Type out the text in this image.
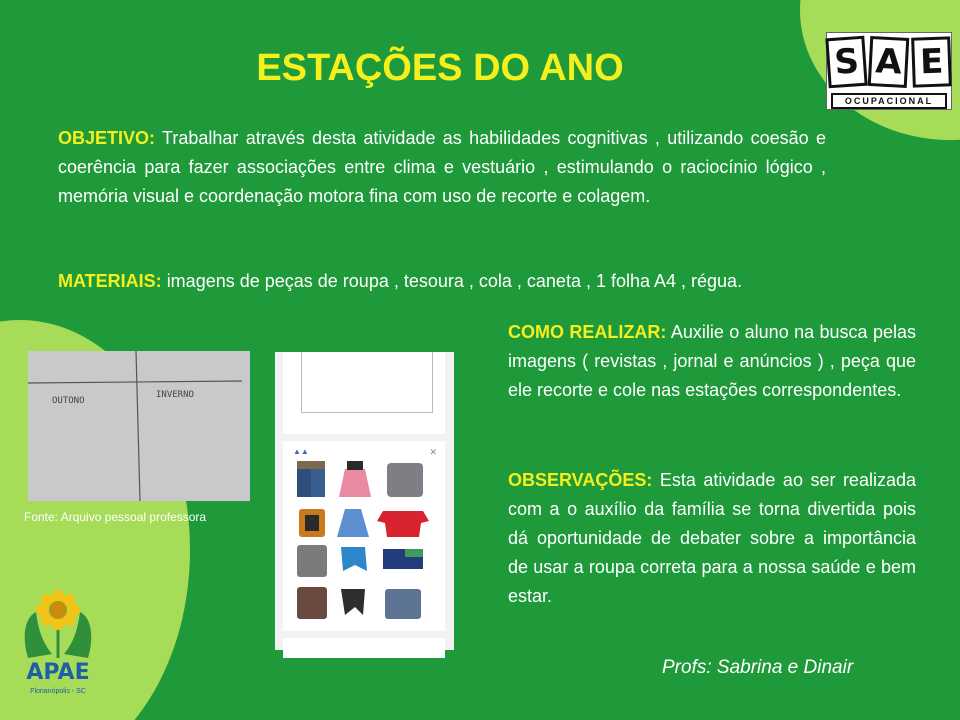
ESTAÇÕES DO ANO	S A E
OCUPACIONAL
OBJETIVO: Trabalhar através desta atividade as habilidades cognitivas , utilizando coesão e coerência para fazer associações entre clima e vestuário , estimulando o raciocínio lógico , memória visual e coordenação motora fina com uso de recorte e colagem.
MATERIAIS: imagens de peças de roupa , tesoura , cola , caneta , 1 folha A4 , régua.
COMO REALIZAR: Auxilie o aluno na busca pelas imagens ( revistas , jornal e anúncios ) , peça que ele recorte e cole nas estações correspondentes.
OBSERVAÇÕES: Esta atividade ao ser realizada com a o auxílio da família se torna divertida pois dá oportunidade de debater sobre a importância de usar a roupa correta para a nossa saúde e bem estar.
OUTONO
INVERNO
Fonte: Arquivo pessoal professora
▲▲	✕
Profs: Sabrina e Dinair
APAE
Florianópolis - SC
